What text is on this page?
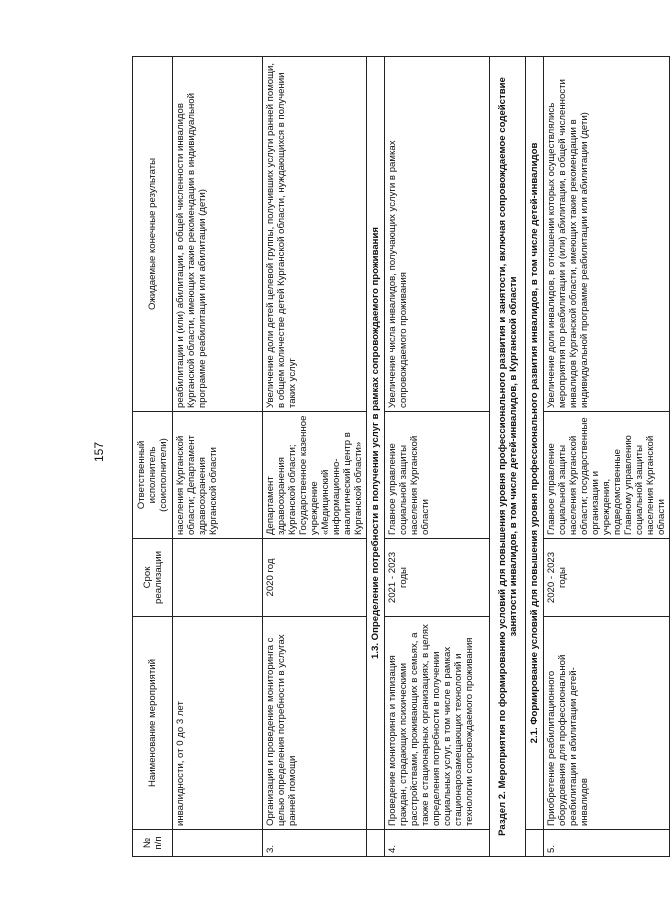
157
№ п/п	Наименование мероприятий	Срок реализации	Ответственный исполнитель (соисполнители)	Ожидаемые конечные результаты
	инвалидности, от 0 до 3 лет		населения Курганской области; Департамент здравоохранения Курганской области	реабилитации и (или) абилитации, в общей численности инвалидов Курганской области, имеющих такие рекомендации в индивидуальной программе реабилитации или абилитации (дети)
3.	Организация и проведение мониторинга с целью определения потребности в услугах ранней помощи	2020 год	Департамент здравоохранения Курганской области; Государственное казенное учреждение «Медицинский информационно-аналитический центр в Курганской области»	Увеличение доли детей целевой группы, получивших услуги ранней помощи, в общем количестве детей Курганской области, нуждающихся в получении таких услуг
	1.3. Определение потребности в получении услуг в рамках сопровождаемого проживания			
4.	Проведение мониторинга и типизация граждан, страдающих психическими расстройствами, проживающих в семьях, а также в стационарных организациях, в целях определения потребности в получении социальных услуг, в том числе в рамках стационарозамещающих технологий и технологии сопровождаемого проживания	2021 - 2023 годы	Главное управление социальной защиты населения Курганской области	Увеличение числа инвалидов, получающих услуги в рамках сопровождаемого проживания
Раздел 2. Мероприятия по формированию условий для повышения уровня профессионального развития и занятости, включая сопровождаемое содействие занятости инвалидов, в том числе детей-инвалидов, в Курганской области				
	2.1. Формирование условий для повышения уровня профессионального развития инвалидов, в том числе детей-инвалидов			
5.	Приобретение реабилитационного оборудования для профессиональной реабилитации и абилитации детей-инвалидов	2020 - 2023 годы	Главное управление социальной защиты населения Курганской области; государственные организации и учреждения, подведомственные Главному управлению социальной защиты населения Курганской области	Увеличение доли инвалидов, в отношении которых осуществлялись мероприятия по реабилитации и (или) абилитации, в общей численности инвалидов Курганской области, имеющих такие рекомендации в индивидуальной программе реабилитации или абилитации (дети)
